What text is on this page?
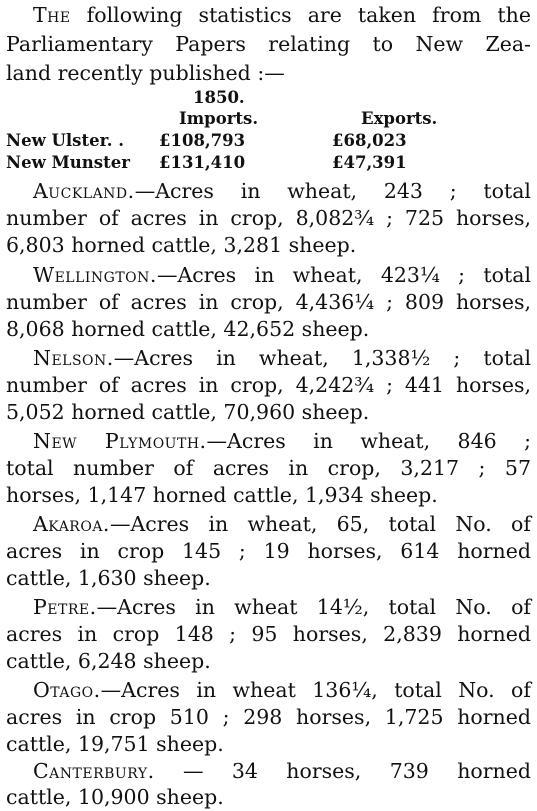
The following statistics are taken from the
Parliamentary Papers relating to New Zea-
land recently published :—
1850.
Imports.	Exports.
New Ulster. . £108,793	£68,023
New Munster £131,410	£47,391
Auckland.—Acres in wheat, 243 ; total
number of acres in crop, 8,082¾ ; 725 horses,
6,803 horned cattle, 3,281 sheep.
Wellington.—Acres in wheat, 423¼ ; total
number of acres in crop, 4,436¼ ; 809 horses,
8,068 horned cattle, 42,652 sheep.
Nelson.—Acres in wheat, 1,338½ ; total
number of acres in crop, 4,242¾ ; 441 horses,
5,052 horned cattle, 70,960 sheep.
New Plymouth.—Acres in wheat, 846 ;
total number of acres in crop, 3,217 ; 57
horses, 1,147 horned cattle, 1,934 sheep.
Akaroa.—Acres in wheat, 65, total No. of
acres in crop 145 ; 19 horses, 614 horned
cattle, 1,630 sheep.
Petre.—Acres in wheat 14½, total No. of
acres in crop 148 ; 95 horses, 2,839 horned
cattle, 6,248 sheep.
Otago.—Acres in wheat 136¼, total No. of
acres in crop 510 ; 298 horses, 1,725 horned
cattle, 19,751 sheep.
Canterbury. — 34 horses, 739 horned
cattle, 10,900 sheep.
